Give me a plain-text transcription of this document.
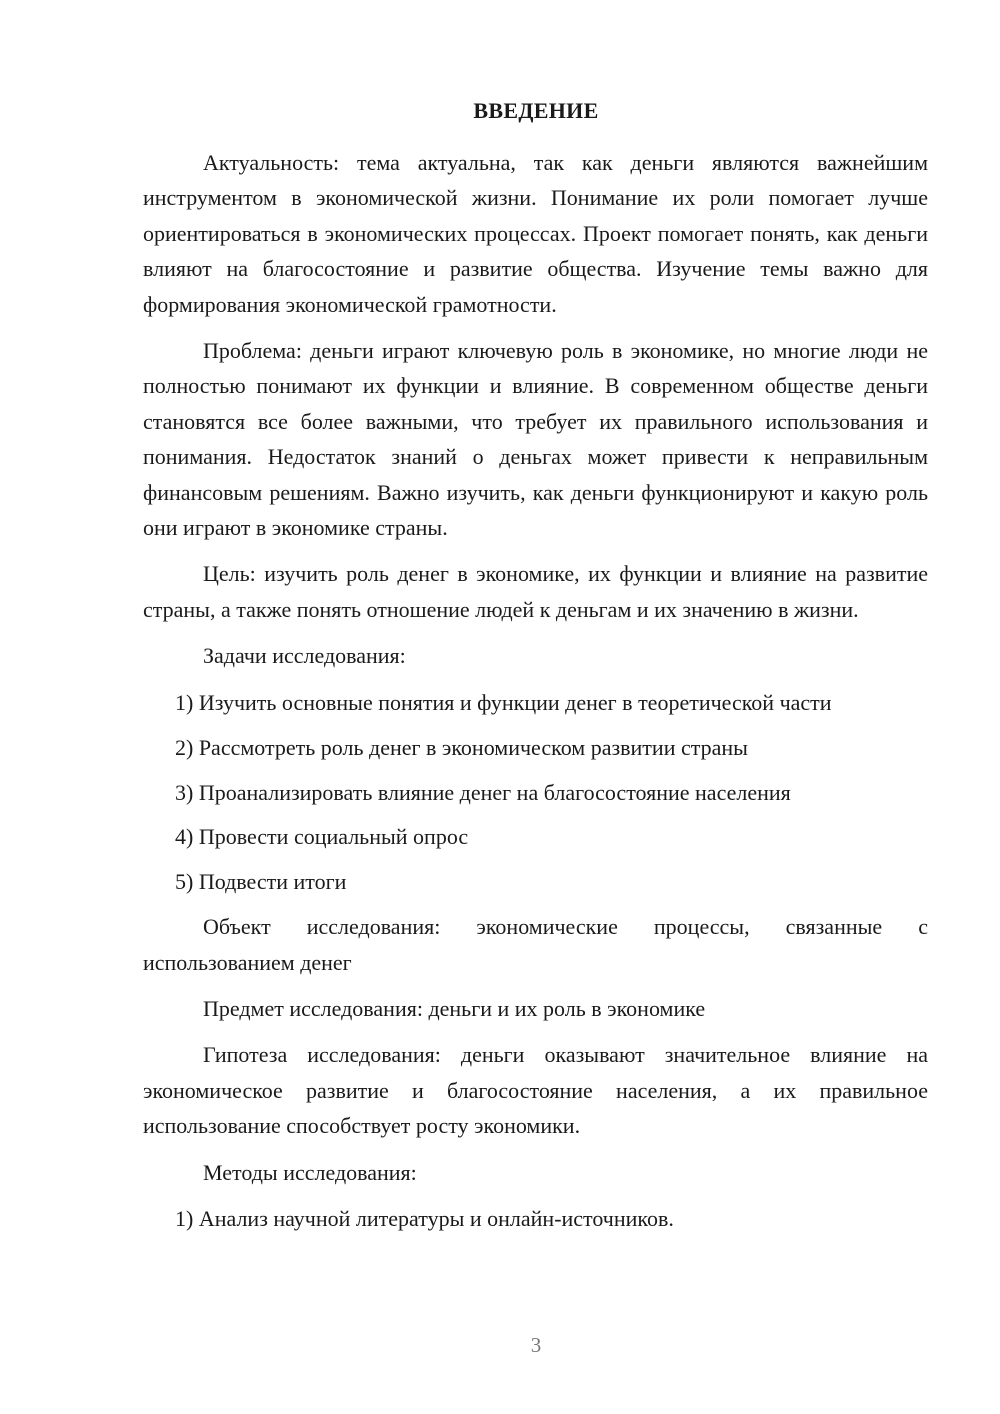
ВВЕДЕНИЕ

Актуальность: тема актуальна, так как деньги являются важнейшим инструментом в экономической жизни. Понимание их роли помогает лучше ориентироваться в экономических процессах. Проект помогает понять, как деньги влияют на благосостояние и развитие общества. Изучение темы важно для формирования экономической грамотности.

Проблема: деньги играют ключевую роль в экономике, но многие люди не полностью понимают их функции и влияние. В современном обществе деньги становятся все более важными, что требует их правильного использования и понимания. Недостаток знаний о деньгах может привести к неправильным финансовым решениям. Важно изучить, как деньги функционируют и какую роль они играют в экономике страны.

Цель: изучить роль денег в экономике, их функции и влияние на развитие страны, а также понять отношение людей к деньгам и их значению в жизни.

Задачи исследования:

1) Изучить основные понятия и функции денег в теоретической части

2) Рассмотреть роль денег в экономическом развитии страны

3) Проанализировать влияние денег на благосостояние населения

4) Провести социальный опрос

5) Подвести итоги

Объект исследования: экономические процессы, связанные с использованием денег

Предмет исследования: деньги и их роль в экономике

Гипотеза исследования: деньги оказывают значительное влияние на экономическое развитие и благосостояние населения, а их правильное использование способствует росту экономики.

Методы исследования:

1) Анализ научной литературы и онлайн-источников.

3
